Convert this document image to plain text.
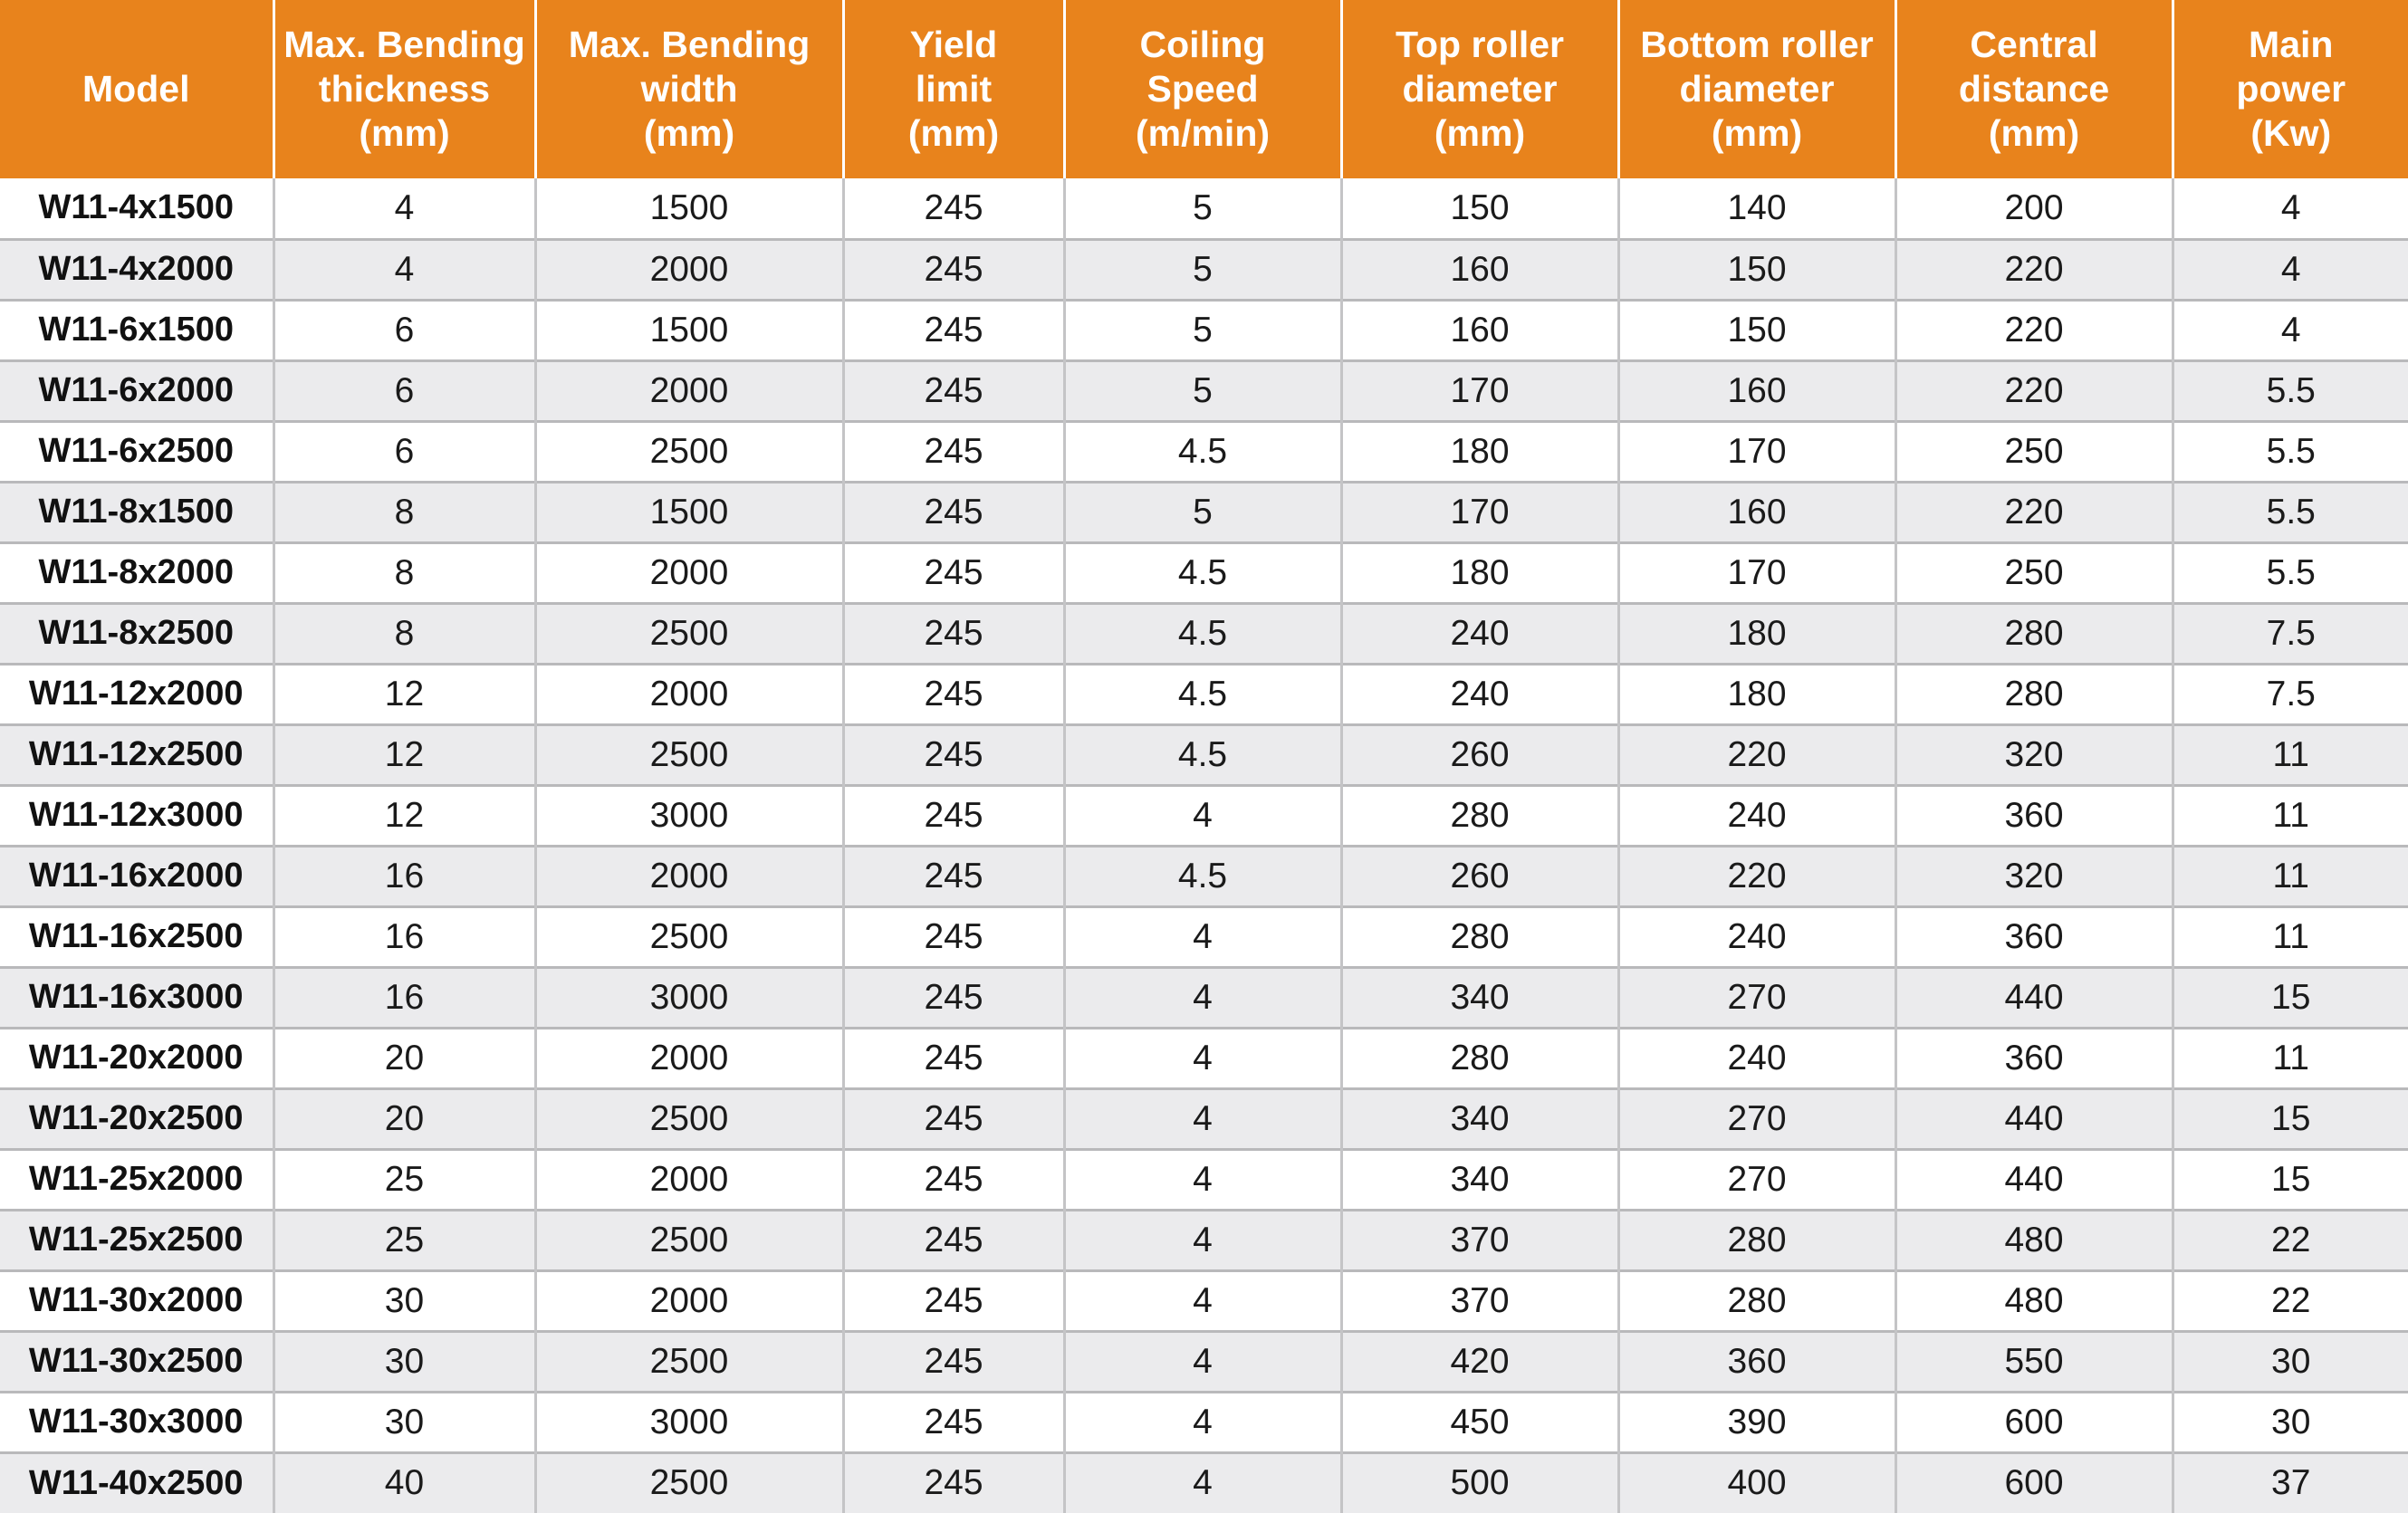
Model	Max. Bending
thickness
(mm)	Max. Bending
width
(mm)	Yield
limit
(mm)	Coiling
Speed
(m/min)	Top roller
diameter
(mm)	Bottom roller
diameter
(mm)	Central
distance
(mm)	Main
power
(Kw)
W11-4x1500	4	1500	245	5	150	140	200	4
W11-4x2000	4	2000	245	5	160	150	220	4
W11-6x1500	6	1500	245	5	160	150	220	4
W11-6x2000	6	2000	245	5	170	160	220	5.5
W11-6x2500	6	2500	245	4.5	180	170	250	5.5
W11-8x1500	8	1500	245	5	170	160	220	5.5
W11-8x2000	8	2000	245	4.5	180	170	250	5.5
W11-8x2500	8	2500	245	4.5	240	180	280	7.5
W11-12x2000	12	2000	245	4.5	240	180	280	7.5
W11-12x2500	12	2500	245	4.5	260	220	320	11
W11-12x3000	12	3000	245	4	280	240	360	11
W11-16x2000	16	2000	245	4.5	260	220	320	11
W11-16x2500	16	2500	245	4	280	240	360	11
W11-16x3000	16	3000	245	4	340	270	440	15
W11-20x2000	20	2000	245	4	280	240	360	11
W11-20x2500	20	2500	245	4	340	270	440	15
W11-25x2000	25	2000	245	4	340	270	440	15
W11-25x2500	25	2500	245	4	370	280	480	22
W11-30x2000	30	2000	245	4	370	280	480	22
W11-30x2500	30	2500	245	4	420	360	550	30
W11-30x3000	30	3000	245	4	450	390	600	30
W11-40x2500	40	2500	245	4	500	400	600	37
